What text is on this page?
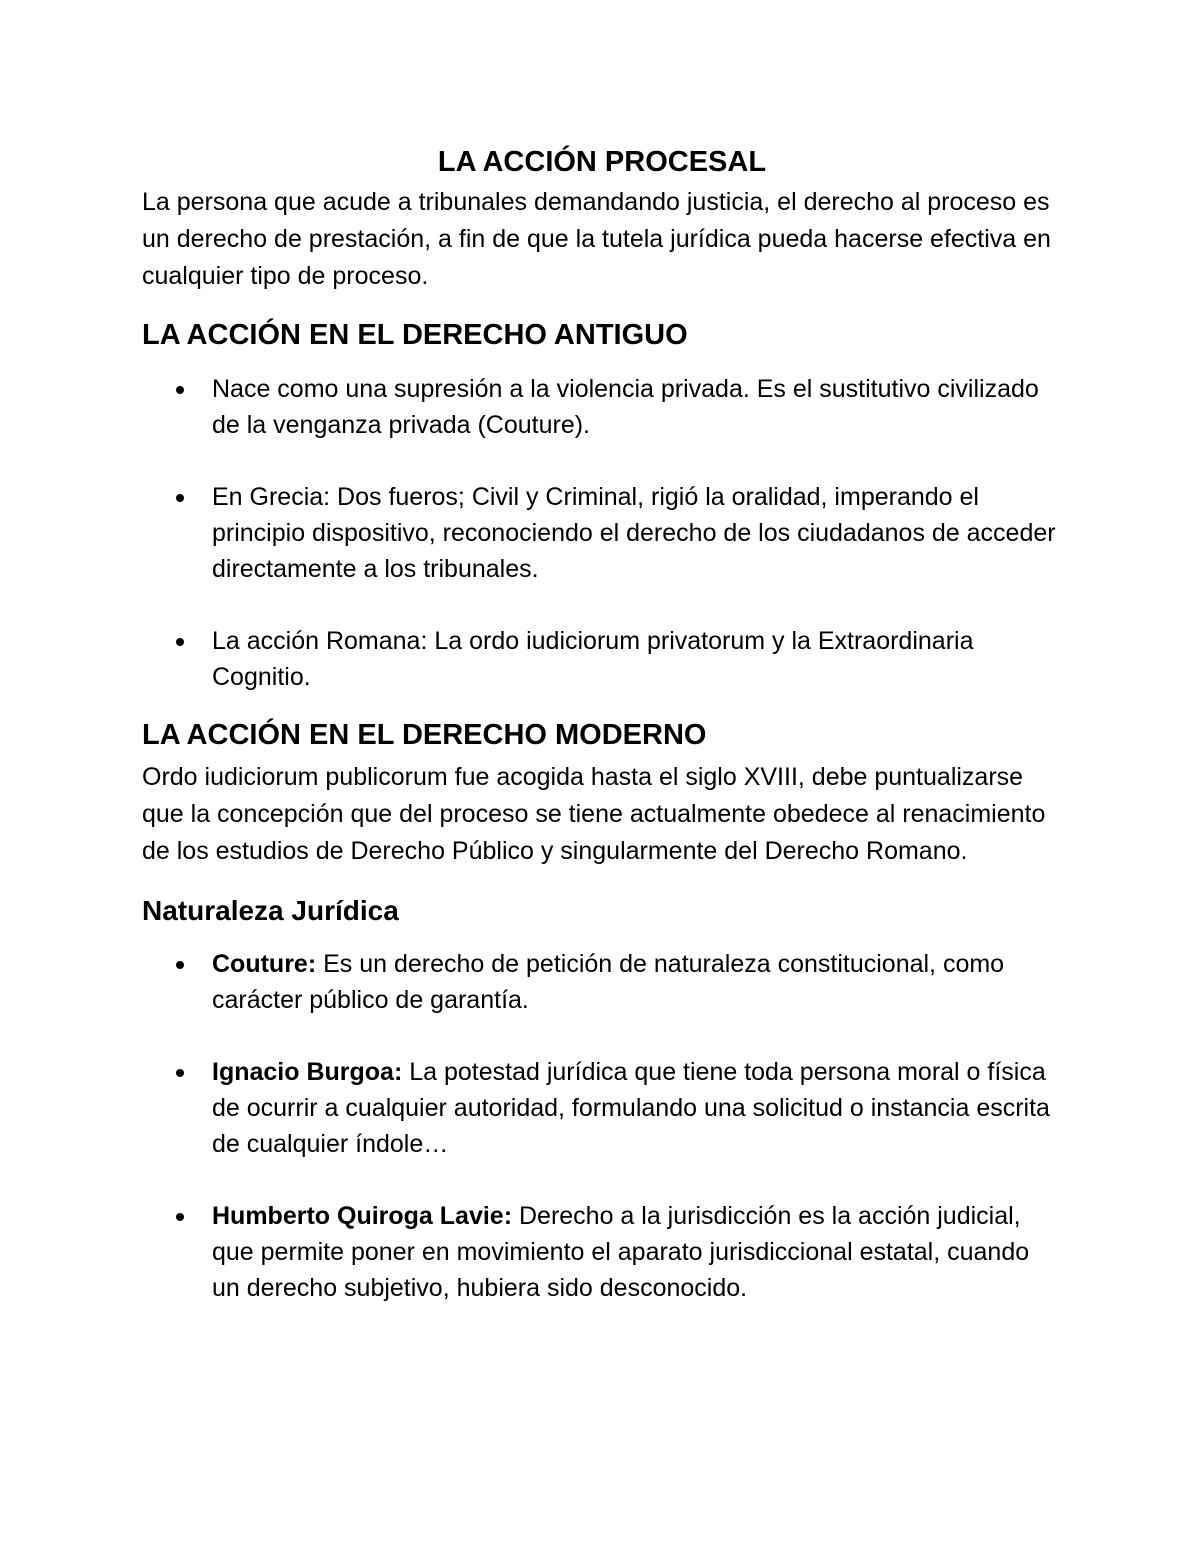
LA ACCIÓN PROCESAL

La persona que acude a tribunales demandando justicia, el derecho al proceso es un derecho de prestación, a fin de que la tutela jurídica pueda hacerse efectiva en cualquier tipo de proceso.

LA ACCIÓN EN EL DERECHO ANTIGUO
Nace como una supresión a la violencia privada. Es el sustitutivo civilizado de la venganza privada (Couture).
En Grecia: Dos fueros; Civil y Criminal, rigió la oralidad, imperando el principio dispositivo, reconociendo el derecho de los ciudadanos de acceder directamente a los tribunales.
La acción Romana: La ordo iudiciorum privatorum y la Extraordinaria Cognitio.
LA ACCIÓN EN EL DERECHO MODERNO

Ordo iudiciorum publicorum fue acogida hasta el siglo XVIII, debe puntualizarse que la concepción que del proceso se tiene actualmente obedece al renacimiento de los estudios de Derecho Público y singularmente del Derecho Romano.

Naturaleza Jurídica
Couture: Es un derecho de petición de naturaleza constitucional, como carácter público de garantía.
Ignacio Burgoa: La potestad jurídica que tiene toda persona moral o física de ocurrir a cualquier autoridad, formulando una solicitud o instancia escrita de cualquier índole…
Humberto Quiroga Lavie: Derecho a la jurisdicción es la acción judicial, que permite poner en movimiento el aparato jurisdiccional estatal, cuando un derecho subjetivo, hubiera sido desconocido.
